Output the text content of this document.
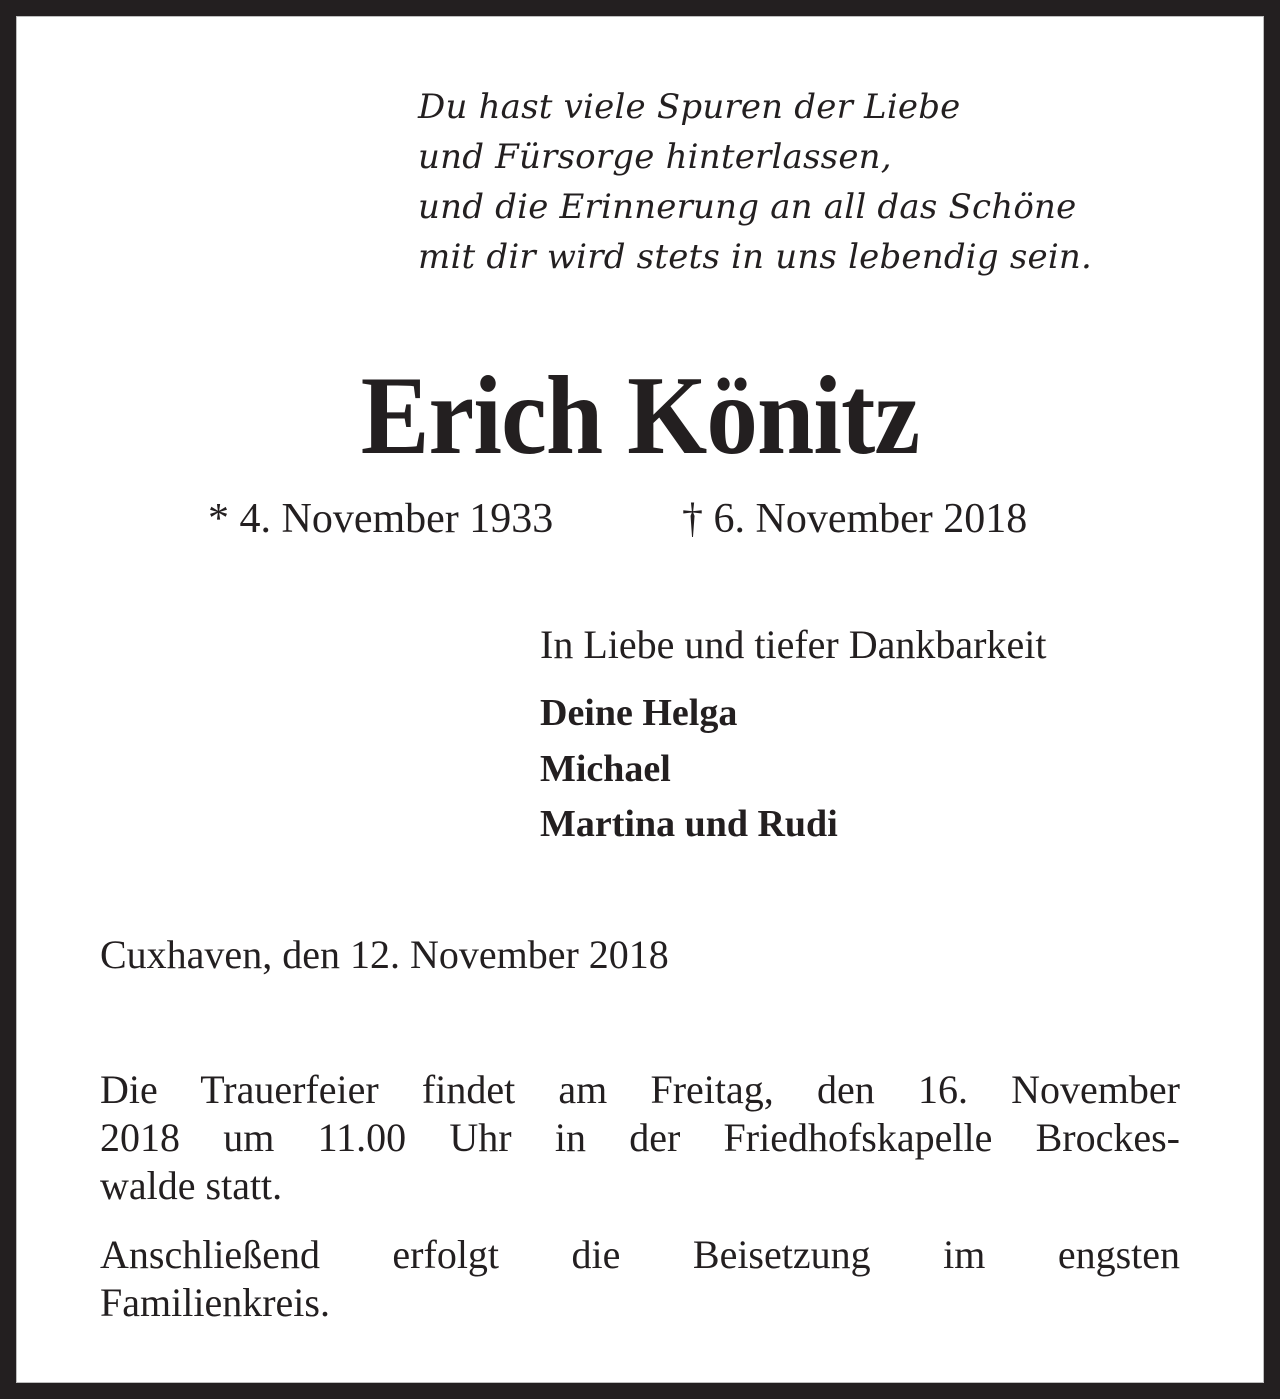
Du hast viele Spuren der Liebe
und Fürsorge hinterlassen,
und die Erinnerung an all das Schöne
mit dir wird stets in uns lebendig sein.
Erich Könitz
* 4. November 1933	† 6. November 2018
In Liebe und tiefer Dankbarkeit
Deine Helga
Michael
Martina und Rudi
Cuxhaven, den 12. November 2018
Die Trauerfeier findet am Freitag, den 16. November
2018 um 11.00 Uhr in der Friedhofskapelle Brockes-
walde statt.
Anschließend erfolgt die Beisetzung im engsten
Familienkreis.
